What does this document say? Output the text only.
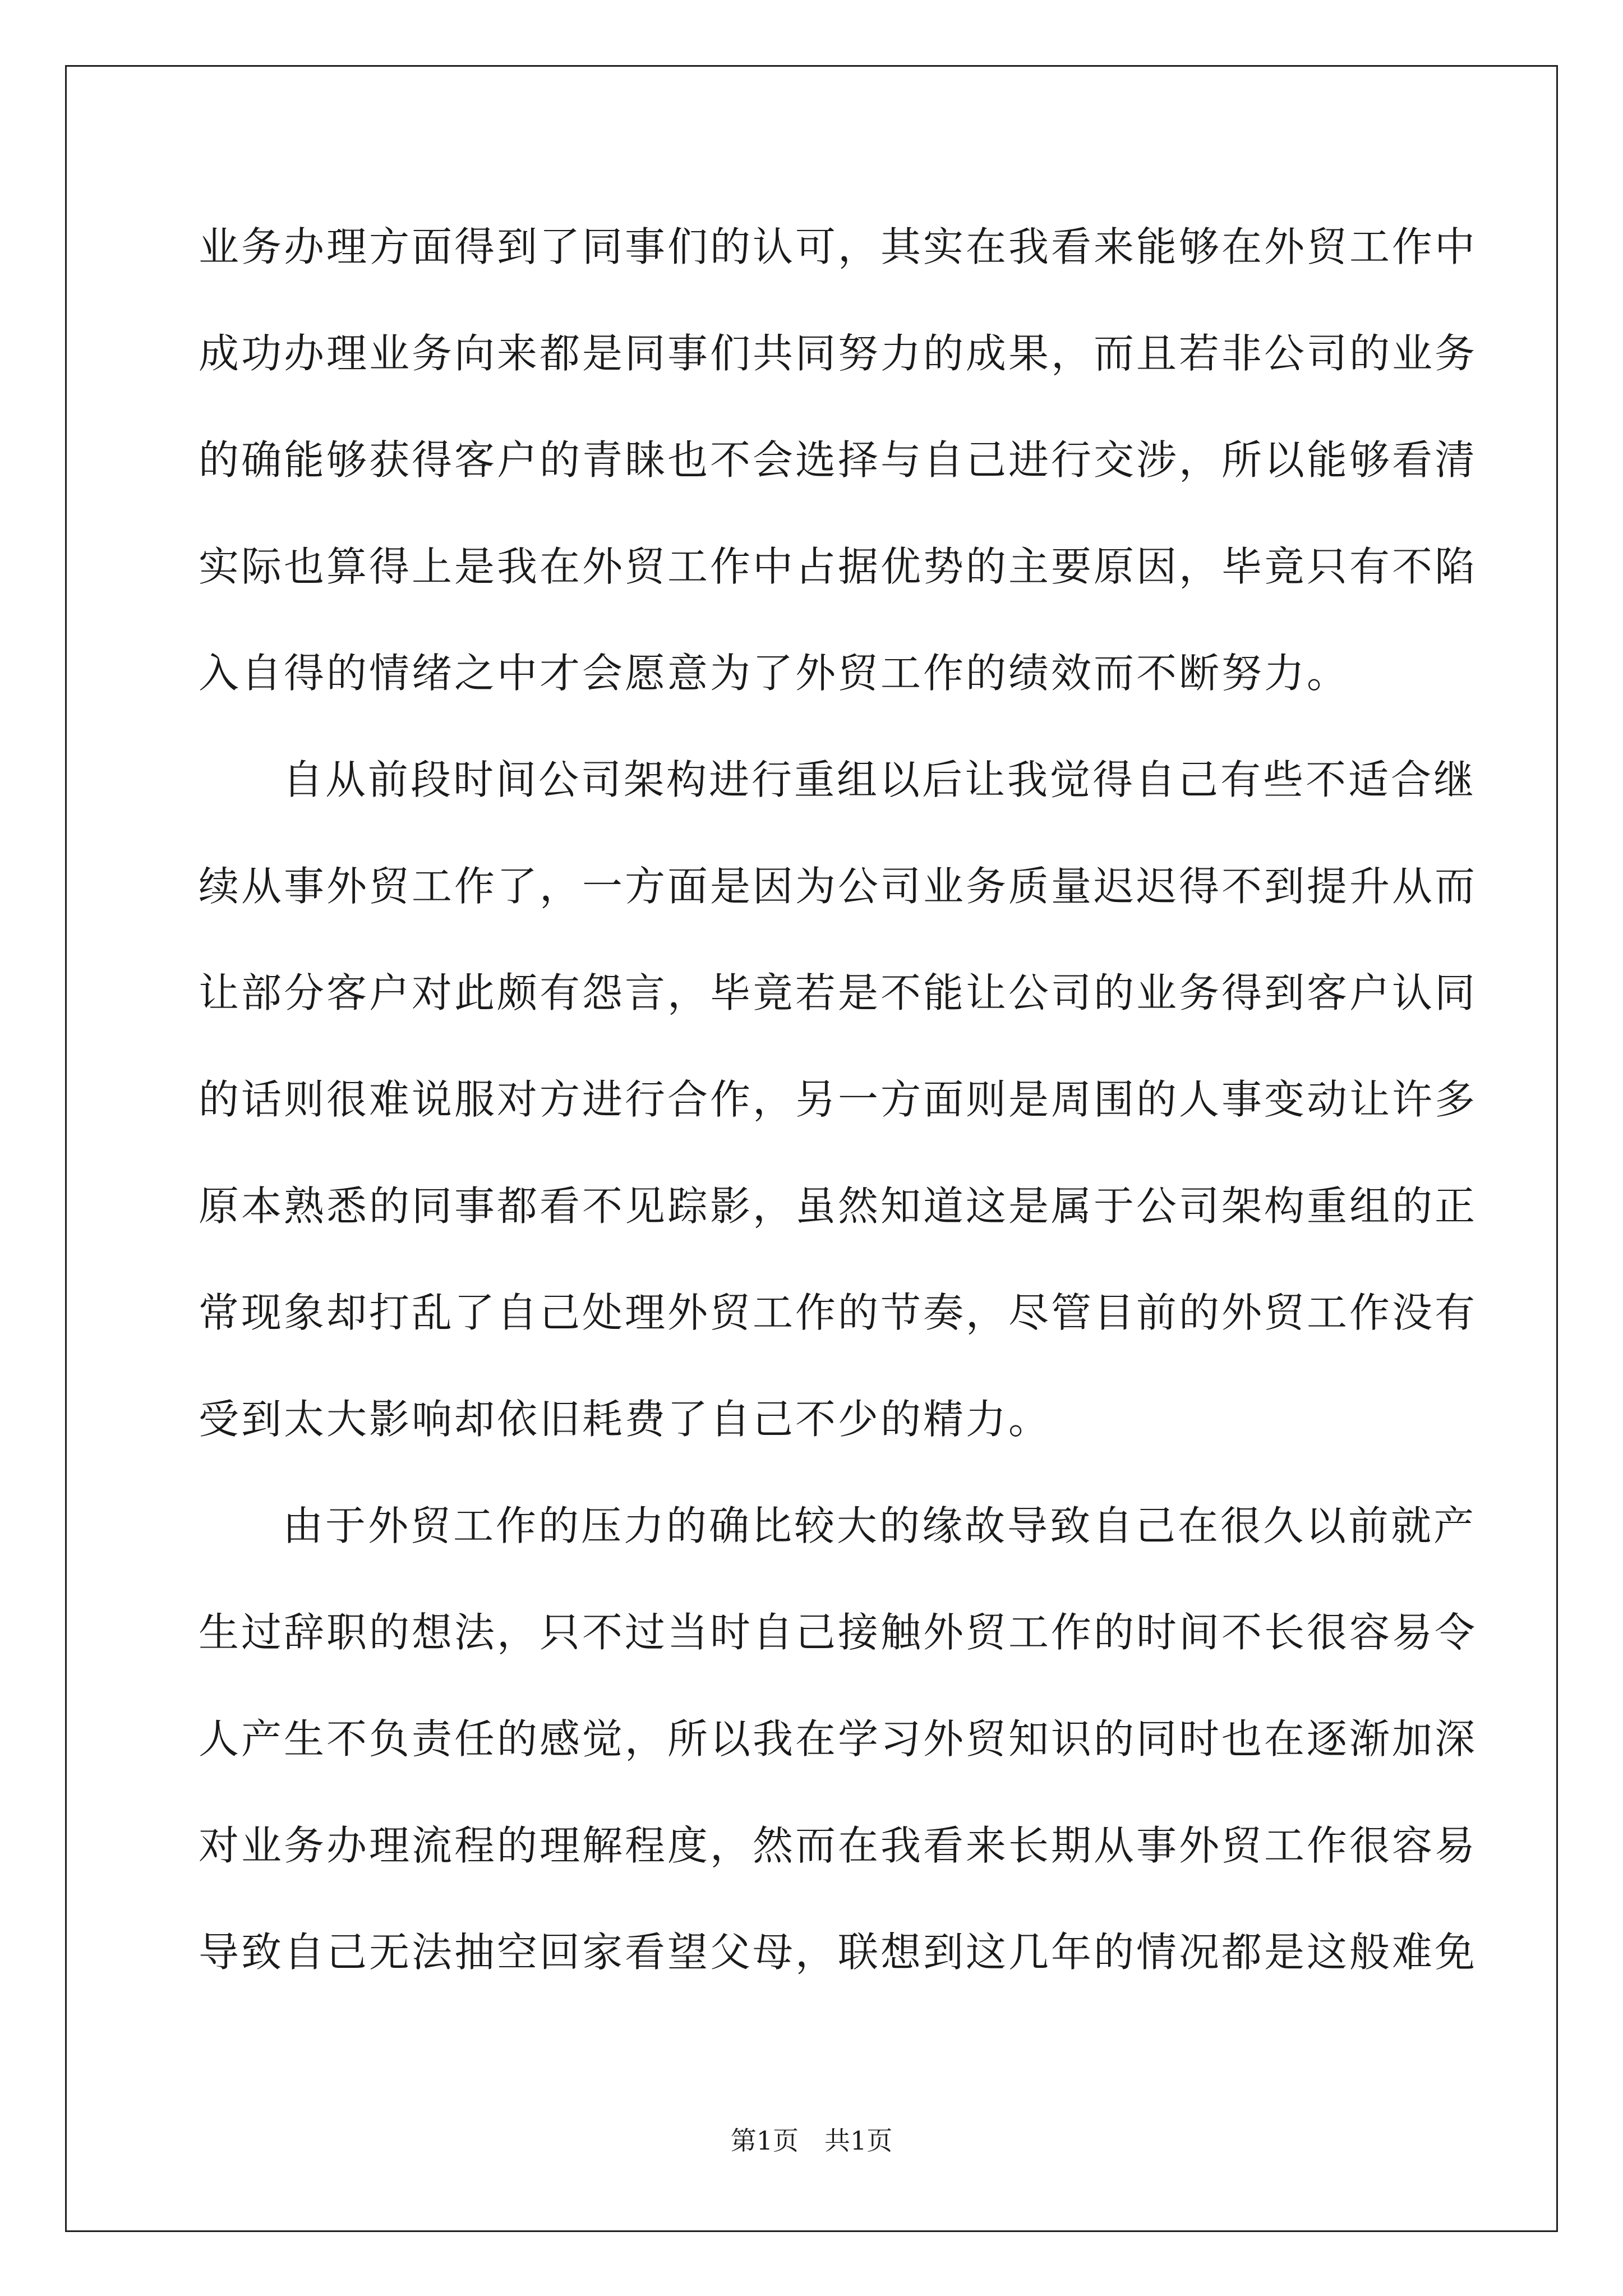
业务办理方面得到了同事们的认可，其实在我看来能够在外贸工作中
成功办理业务向来都是同事们共同努力的成果，而且若非公司的业务
的确能够获得客户的青睐也不会选择与自己进行交涉，所以能够看清
实际也算得上是我在外贸工作中占据优势的主要原因，毕竟只有不陷
入自得的情绪之中才会愿意为了外贸工作的绩效而不断努力。
自从前段时间公司架构进行重组以后让我觉得自己有些不适合继
续从事外贸工作了，一方面是因为公司业务质量迟迟得不到提升从而
让部分客户对此颇有怨言，毕竟若是不能让公司的业务得到客户认同
的话则很难说服对方进行合作，另一方面则是周围的人事变动让许多
原本熟悉的同事都看不见踪影，虽然知道这是属于公司架构重组的正
常现象却打乱了自己处理外贸工作的节奏，尽管目前的外贸工作没有
受到太大影响却依旧耗费了自己不少的精力。
由于外贸工作的压力的确比较大的缘故导致自己在很久以前就产
生过辞职的想法，只不过当时自己接触外贸工作的时间不长很容易令
人产生不负责任的感觉，所以我在学习外贸知识的同时也在逐渐加深
对业务办理流程的理解程度，然而在我看来长期从事外贸工作很容易
导致自己无法抽空回家看望父母，联想到这几年的情况都是这般难免
第1页　共1页
